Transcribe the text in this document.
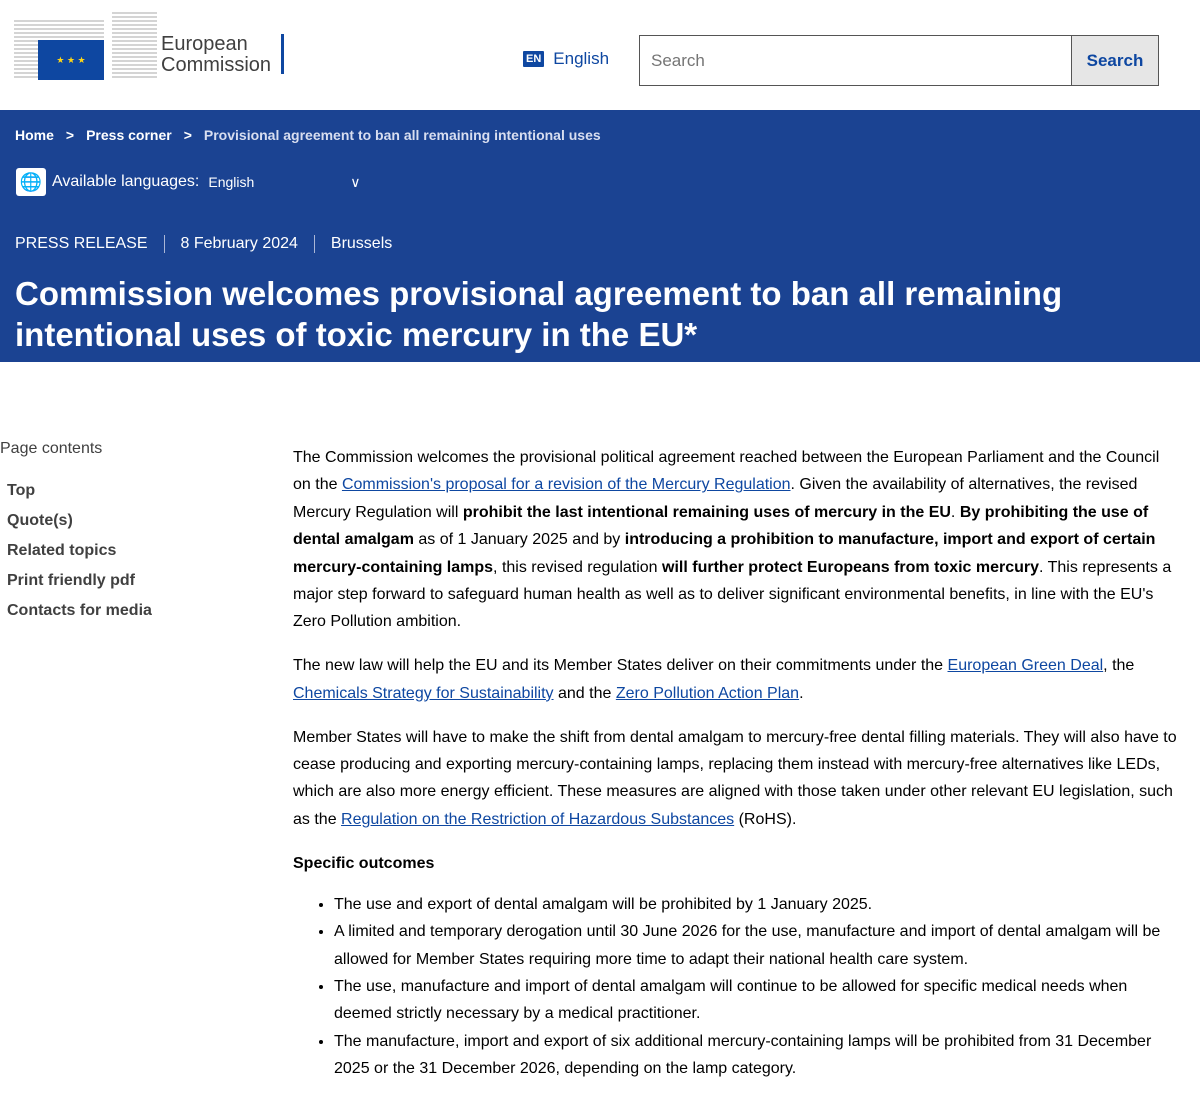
★ ★ ★
European
Commission	EN English
Search	Search
Home > Press corner > Provisional agreement to ban all remaining intentional uses
🌐 Available languages: English	∨
PRESS RELEASE	8 February 2024	Brussels
Commission welcomes provisional agreement to ban all remaining intentional uses of toxic mercury in the EU*
Page contents
Top
Quote(s)
Related topics
Print friendly pdf
Contacts for media

The Commission welcomes the provisional political agreement reached between the European Parliament and the Council on the Commission's proposal for a revision of the Mercury Regulation. Given the availability of alternatives, the revised Mercury Regulation will prohibit the last intentional remaining uses of mercury in the EU. By prohibiting the use of dental amalgam as of 1 January 2025 and by introducing a prohibition to manufacture, import and export of certain mercury-containing lamps, this revised regulation will further protect Europeans from toxic mercury. This represents a major step forward to safeguard human health as well as to deliver significant environmental benefits, in line with the EU's Zero Pollution ambition.

The new law will help the EU and its Member States deliver on their commitments under the European Green Deal, the Chemicals Strategy for Sustainability and the Zero Pollution Action Plan.

Member States will have to make the shift from dental amalgam to mercury-free dental filling materials. They will also have to cease producing and exporting mercury-containing lamps, replacing them instead with mercury-free alternatives like LEDs, which are also more energy efficient. These measures are aligned with those taken under other relevant EU legislation, such as the Regulation on the Restriction of Hazardous Substances (RoHS).

Specific outcomes

• The use and export of dental amalgam will be prohibited by 1 January 2025.
• A limited and temporary derogation until 30 June 2026 for the use, manufacture and import of dental amalgam will be allowed for Member States requiring more time to adapt their national health care system.
• The use, manufacture and import of dental amalgam will continue to be allowed for specific medical needs when deemed strictly necessary by a medical practitioner.
• The manufacture, import and export of six additional mercury-containing lamps will be prohibited from 31 December 2025 or the 31 December 2026, depending on the lamp category.
